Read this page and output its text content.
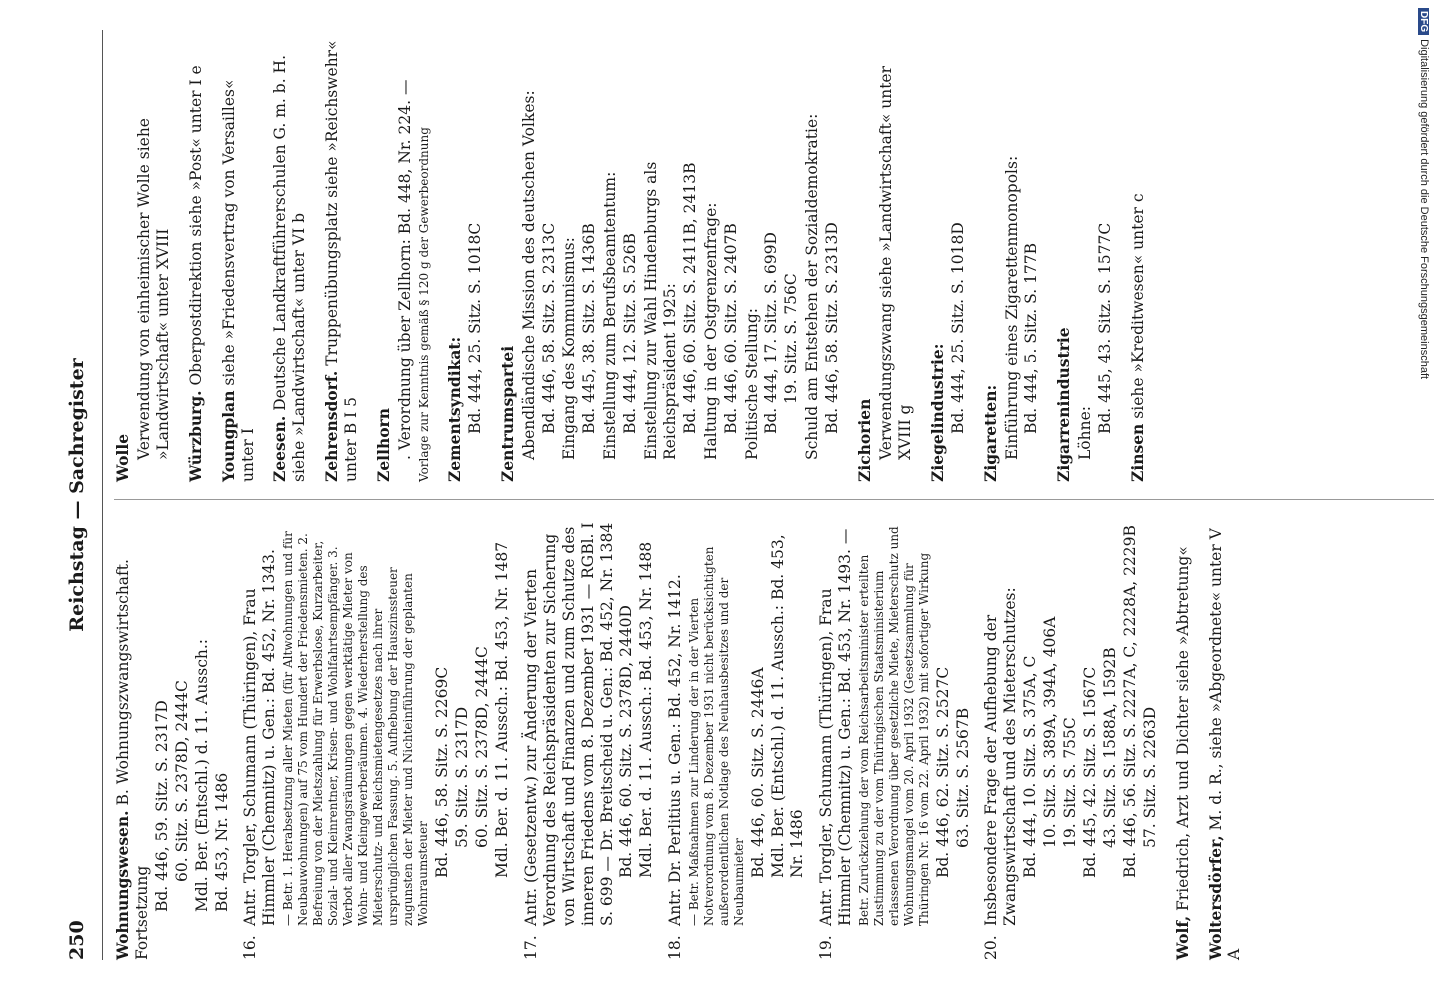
250
Reichstag — Sachregister
Wohnungswesen. B. Wohnungszwangswirtschaft. Fortsetzung
Bd. 446, 59. Sitz. S. 2317D 60. Sitz. S. 2378D, 2444C Mdl. Ber. (Entschl.) d. 11. Aussch.: Bd. 453, Nr. 1486
16.
Antr. Torgler, Schumann (Thüringen), Frau Himmler (Chemnitz) u. Gen.: Bd. 452, Nr. 1343. — Betr. 1. Herabsetzung aller Mieten (für Altwohnungen und für Neubauwohnungen) auf 75 vom Hundert der Friedensmieten. 2. Befreiung von der Mietszahlung für Erwerbslose, Kurzarbeiter, Sozial- und Kleinrentner, Krisen- und Wohlfahrtsempfänger. 3. Verbot aller Zwangsräumungen gegen werktätige Mieter von Wohn- und Kleingewerberäumen. 4. Wiederherstellung des Mieterschutz- und Reichsmietengesetzes nach ihrer ursprünglichen Fassung. 5. Aufhebung der Hauszinssteuer zugunsten der Mieter und Nichteinführung der geplanten Wohnraumsteuer Bd. 446, 58. Sitz. S. 2269C 59. Sitz. S. 2317D 60. Sitz. S. 2378D, 2444C Mdl. Ber. d. 11. Aussch.: Bd. 453, Nr. 1487
17.
Antr. (Gesetzentw.) zur Änderung der Vierten Verordnung des Reichspräsidenten zur Sicherung von Wirtschaft und Finanzen und zum Schutze des inneren Friedens vom 8. Dezember 1931 — RGBl. I S. 699 — Dr. Breitscheid u. Gen.: Bd. 452, Nr. 1384 Bd. 446, 60. Sitz. S. 2378D, 2440D Mdl. Ber. d. 11. Aussch.: Bd. 453, Nr. 1488
18.
Antr. Dr. Perlitius u. Gen.: Bd. 452, Nr. 1412. — Betr. Maßnahmen zur Linderung der in der Vierten Notverordnung vom 8. Dezember 1931 nicht berücksichtigten außerordentlichen Notlage des Neuhausbesitzes und der Neubaumieter
Bd. 446, 60. Sitz. S. 2446A Mdl. Ber. (Entschl.) d. 11. Aussch.: Bd. 453, Nr. 1486
19.
Antr. Torgler, Schumann (Thüringen), Frau Himmler (Chemnitz) u. Gen.: Bd. 453, Nr. 1493. — Betr. Zurückziehung der vom Reichsarbeitsminister erteilten Zustimmung zu der vom Thüringischen Staatsministerium erlassenen Verordnung über gesetzliche Miete, Mieterschutz und Wohnungsmangel vom 20. April 1932 (Gesetzsammlung für Thüringen Nr. 16 vom 22. April 1932) mit sofortiger Wirkung Bd. 446, 62. Sitz. S. 2527C 63. Sitz. S. 2567B
20.
Insbesondere Frage der Aufhebung der Zwangswirtschaft und des Mieterschutzes: Bd. 444, 10. Sitz. S. 375A, C 10. Sitz. S. 389A, 394A, 406A 19. Sitz. S. 755C Bd. 445, 42. Sitz. S. 1567C 43. Sitz. S. 1588A, 1592B Bd. 446, 56. Sitz. S. 2227A, C, 2228A, 2229B 57. Sitz. S. 2263D
Wolf, Friedrich, Arzt und Dichter siehe »Abtretung« Woltersdörfer, M. d. R., siehe »Abgeordnete« unter V A
Wolle Verwendung von einheimischer Wolle siehe »Landwirtschaft« unter XVIII Würzburg. Oberpostdirektion siehe »Post« unter I e
Youngplan siehe »Friedensvertrag von Versailles« unter I Zeesen. Deutsche Landkraftführerschulen G. m. b. H. siehe »Landwirtschaft« unter VI b Zehrensdorf. Truppenübungsplatz siehe »Reichswehr« unter B I 5 Zellhorn . Verordnung über Zellhorn: Bd. 448, Nr. 224. — Vorlage zur Kenntnis gemäß § 120 g der Gewerbeordnung Zementsyndikat: Bd. 444, 25. Sitz. S. 1018C Zentrumspartei Abendländische Mission des deutschen Volkes: Bd. 446, 58. Sitz. S. 2313C Eingang des Kommunismus: Bd. 445, 38. Sitz. S. 1436B Einstellung zum Berufsbeamtentum: Bd. 444, 12. Sitz. S. 526B Einstellung zur Wahl Hindenburgs als Reichspräsident 1925: Bd. 446, 60. Sitz. S. 2411B, 2413B Haltung in der Ostgrenzenfrage: Bd. 446, 60. Sitz. S. 2407B Politische Stellung: Bd. 444, 17. Sitz. S. 699D 19. Sitz. S. 756C Schuld am Entstehen der Sozialdemokratie: Bd. 446, 58. Sitz. S. 2313D
Zichorien Verwendungszwang siehe »Landwirtschaft« unter XVIII g Ziegelindustrie: Bd. 444, 25. Sitz. S. 1018D Zigaretten: Einführung eines Zigarettenmonopols: Bd. 444, 5. Sitz. S. 177B Zigarrenindustrie Löhne: Bd. 445, 43. Sitz. S. 1577C
Zinsen siehe »Kreditwesen« unter c
DFGDigitalisierung gefördert durch die Deutsche Forschungsgemeinschaft
